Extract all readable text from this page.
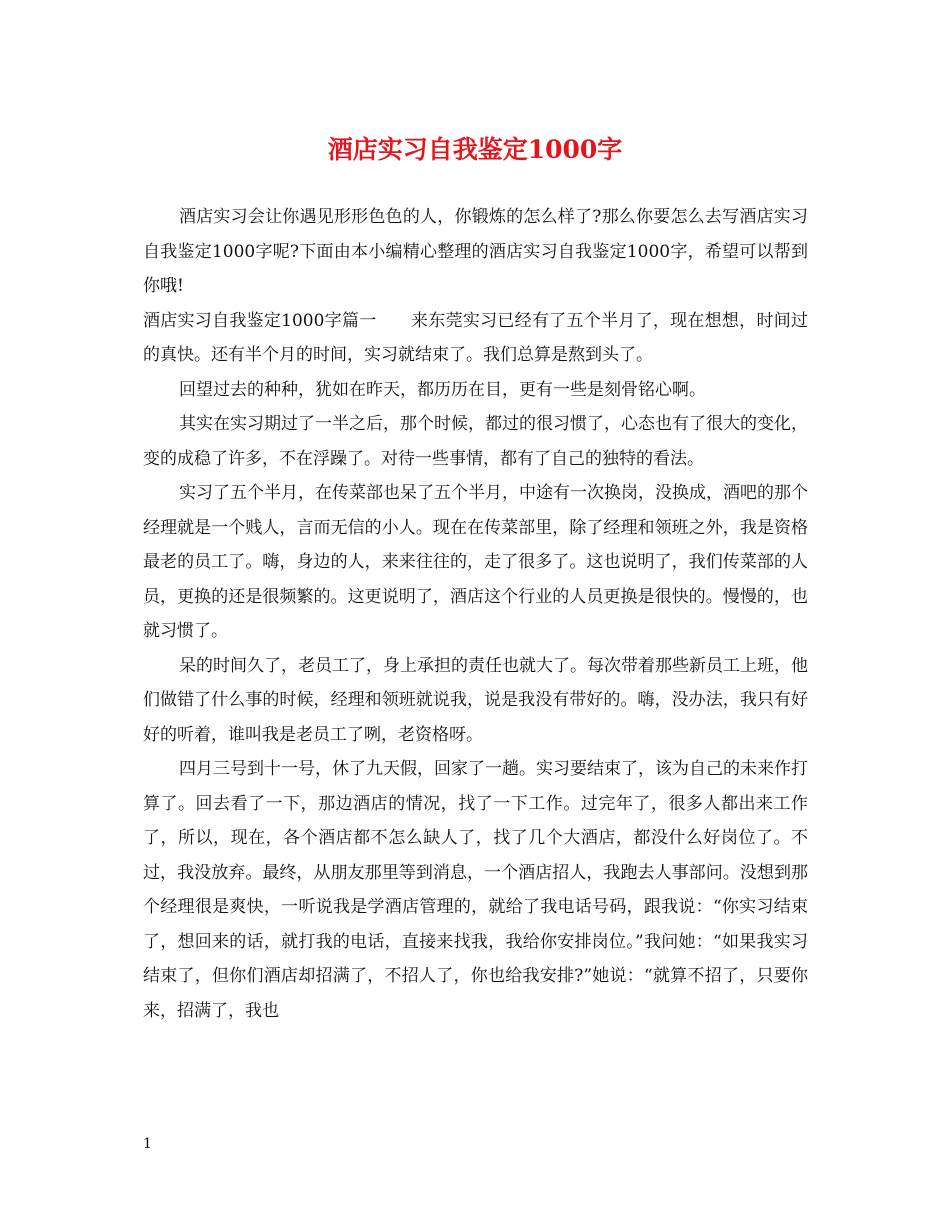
酒店实习自我鉴定1000字

酒店实习会让你遇见形形色色的人，你锻炼的怎么样了?那么你要怎么去写酒店实习自我鉴定1000字呢?下面由本小编精心整理的酒店实习自我鉴定1000字，希望可以帮到你哦!

酒店实习自我鉴定1000字篇一　　来东莞实习已经有了五个半月了，现在想想，时间过的真快。还有半个月的时间，实习就结束了。我们总算是熬到头了。

回望过去的种种，犹如在昨天，都历历在目，更有一些是刻骨铭心啊。

其实在实习期过了一半之后，那个时候，都过的很习惯了，心态也有了很大的变化，变的成稳了许多，不在浮躁了。对待一些事情，都有了自己的独特的看法。

实习了五个半月，在传菜部也呆了五个半月，中途有一次换岗，没换成，酒吧的那个经理就是一个贱人，言而无信的小人。现在在传菜部里，除了经理和领班之外，我是资格最老的员工了。嗨，身边的人，来来往往的，走了很多了。这也说明了，我们传菜部的人员，更换的还是很频繁的。这更说明了，酒店这个行业的人员更换是很快的。慢慢的，也就习惯了。

呆的时间久了，老员工了，身上承担的责任也就大了。每次带着那些新员工上班，他们做错了什么事的时候，经理和领班就说我，说是我没有带好的。嗨，没办法，我只有好好的听着，谁叫我是老员工了咧，老资格呀。

四月三号到十一号，休了九天假，回家了一趟。实习要结束了，该为自己的未来作打算了。回去看了一下，那边酒店的情况，找了一下工作。过完年了，很多人都出来工作了，所以，现在，各个酒店都不怎么缺人了，找了几个大酒店，都没什么好岗位了。不过，我没放弃。最终，从朋友那里等到消息，一个酒店招人，我跑去人事部问。没想到那个经理很是爽快，一听说我是学酒店管理的，就给了我电话号码，跟我说：“你实习结束了，想回来的话，就打我的电话，直接来找我，我给你安排岗位。”我问她：“如果我实习结束了，但你们酒店却招满了，不招人了，你也给我安排?”她说：“就算不招了，只要你来，招满了，我也

1
